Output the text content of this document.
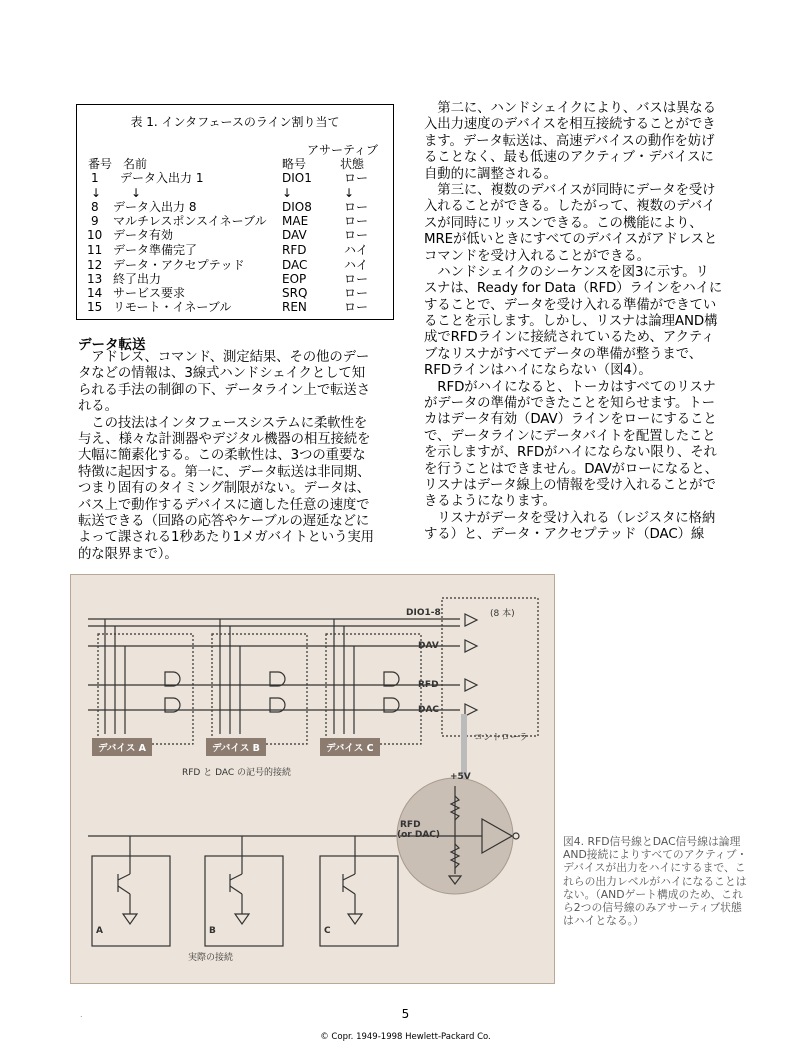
表 1. インタフェースのライン割り当て
アサーティブ
番号 名前	略号	状態
1 データ入出力 1	DIO1	ロー
↓ ↓	↓	↓
8 データ入出力 8	DIO8	ロー
9 マルチレスポンスイネーブル MAE	ロー
10 データ有効	DAV	ロー
11 データ準備完了	RFD	ハイ
12 データ・アクセプテッド	DAC	ハイ
13 終了出力	EOP	ロー
14 サービス要求	SRQ	ロー
15 リモート・イネーブル	REN	ロー
データ転送
　アドレス、コマンド、測定結果、その他のデー
タなどの情報は、3線式ハンドシェイクとして知
られる手法の制御の下、データライン上で転送さ
れる。
　この技法はインタフェースシステムに柔軟性を
与え、様々な計測器やデジタル機器の相互接続を
大幅に簡素化する。この柔軟性は、3つの重要な
特徴に起因する。第一に、データ転送は非同期、
つまり固有のタイミング制限がない。データは、
バス上で動作するデバイスに適した任意の速度で
転送できる（回路の応答やケーブルの遅延などに
よって課される1秒あたり1メガバイトという実用
的な限界まで）。
　第二に、ハンドシェイクにより、バスは異なる
入出力速度のデバイスを相互接続することができ
ます。データ転送は、高速デバイスの動作を妨げ
ることなく、最も低速のアクティブ・デバイスに
自動的に調整される。
　第三に、複数のデバイスが同時にデータを受け
入れることができる。したがって、複数のデバイ
スが同時にリッスンできる。この機能により、
MREが低いときにすべてのデバイスがアドレスと
コマンドを受け入れることができる。
　ハンドシェイクのシーケンスを図3に示す。リ
スナは、Ready for Data（RFD）ラインをハイに
することで、データを受け入れる準備ができてい
ることを示します。しかし、リスナは論理AND構
成でRFDラインに接続されているため、アクティ
ブなリスナがすべてデータの準備が整うまで、
RFDラインはハイにならない（図4）。
　RFDがハイになると、トーカはすべてのリスナ
がデータの準備ができたことを知らせます。トー
カはデータ有効（DAV）ラインをローにすること
で、データラインにデータバイトを配置したこと
を示しますが、RFDがハイにならない限り、それ
を行うことはできません。DAVがローになると、
リスナはデータ線上の情報を受け入れることがで
きるようになります。
　リスナがデータを受け入れる（レジスタに格納
する）と、データ・アクセプテッド（DAC）線
DIO1-8	(8 本)
DAV
RFD
DAC
コントローラ
デバイス A	デバイス B	デバイス C
RFD と DAC の記号的接続	+5V
RFD
(or DAC)
A	B	C
実際の接続
図4. RFD信号線とDAC信号線は論理
AND接続によりすべてのアクティブ・
デバイスが出力をハイにするまで、こ
れらの出力レベルがハイになることは
ない。（ANDゲート構成のため、これ
ら2つの信号線のみアサーティブ状態
はハイとなる。）
.	5
© Copr. 1949-1998 Hewlett-Packard Co.
